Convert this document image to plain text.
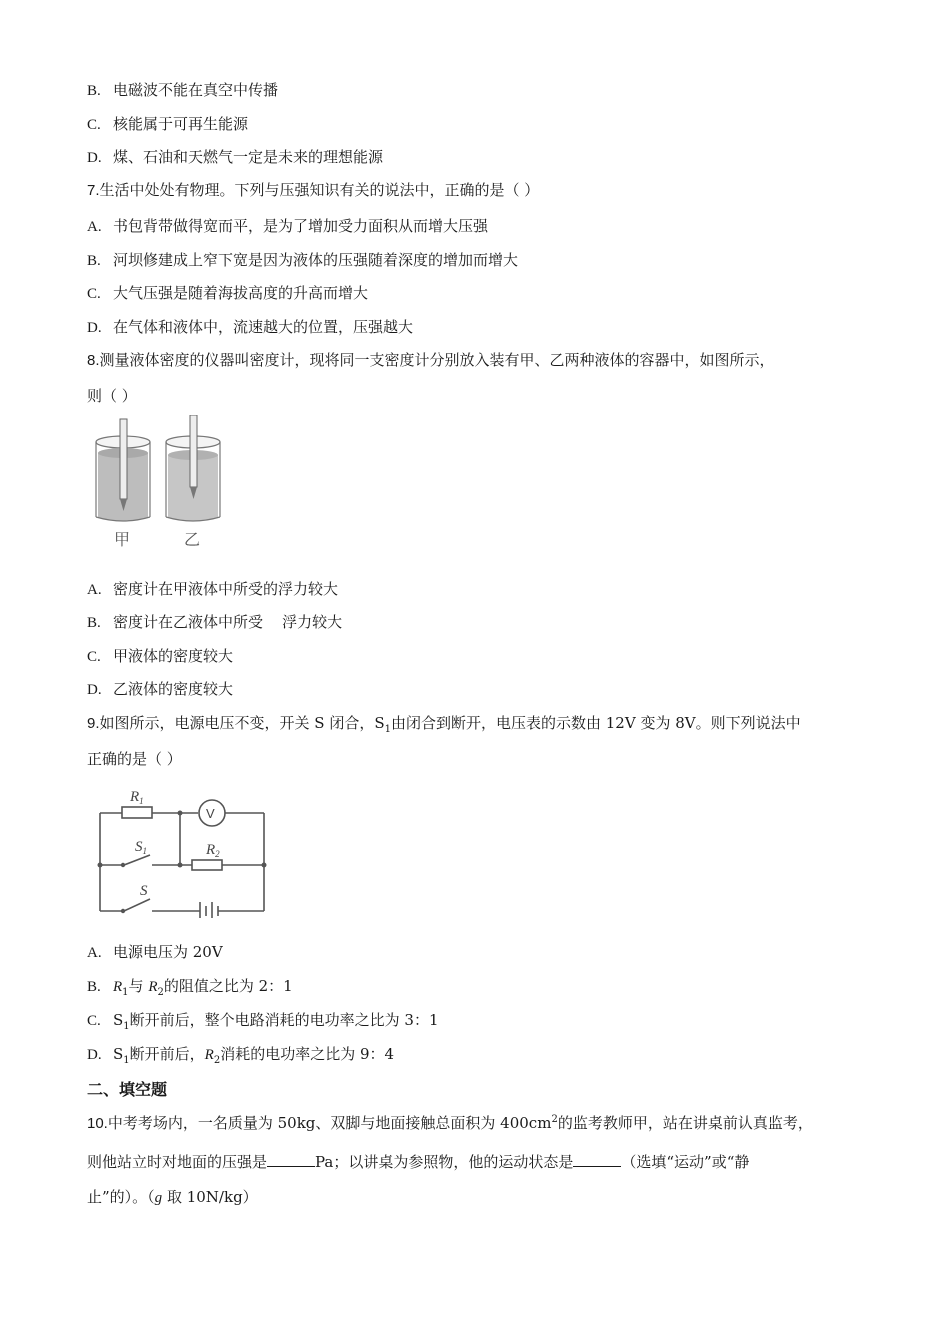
B. 电磁波不能在真空中传播
C. 核能属于可再生能源
D. 煤、石油和天燃气一定是未来的理想能源
7.生活中处处有物理。下列与压强知识有关的说法中，正确的是（ ）
A. 书包背带做得宽而平，是为了增加受力面积从而增大压强
B. 河坝修建成上窄下宽是因为液体的压强随着深度的增加而增大
C. 大气压强是随着海拔高度的升高而增大
D. 在气体和液体中，流速越大的位置，压强越大
8.测量液体密度的仪器叫密度计，现将同一支密度计分别放入装有甲、乙两种液体的容器中，如图所示，
则（ ）
甲	乙
A. 密度计在甲液体中所受的浮力较大
B. 密度计在乙液体中所受    浮力较大
C. 甲液体的密度较大
D. 乙液体的密度较大
9.如图所示，电源电压不变，开关 S 闭合，$S_1$由闭合到断开，电压表的示数由 12V 变为 8V。则下列说法中
正确的是（ ）
$R_1$
$R_2$
$S_1$
S
V
A. 电源电压为 20V
B. $R_1$与 $R_2$的阻值之比为 2：1
C. $S_1$断开前后，整个电路消耗的电功率之比为 3：1
D. $S_1$断开前后，$R_2$消耗的电功率之比为 9：4
二、填空题
10.中考考场内，一名质量为 50kg、双脚与地面接触总面积为 $400cm^2$的监考教师甲，站在讲桌前认真监考，
则他站立时对地面的压强是	Pa；以讲桌为参照物，他的运动状态是	（选填“运动”或“静
止”的）。（g 取 10N/kg）
